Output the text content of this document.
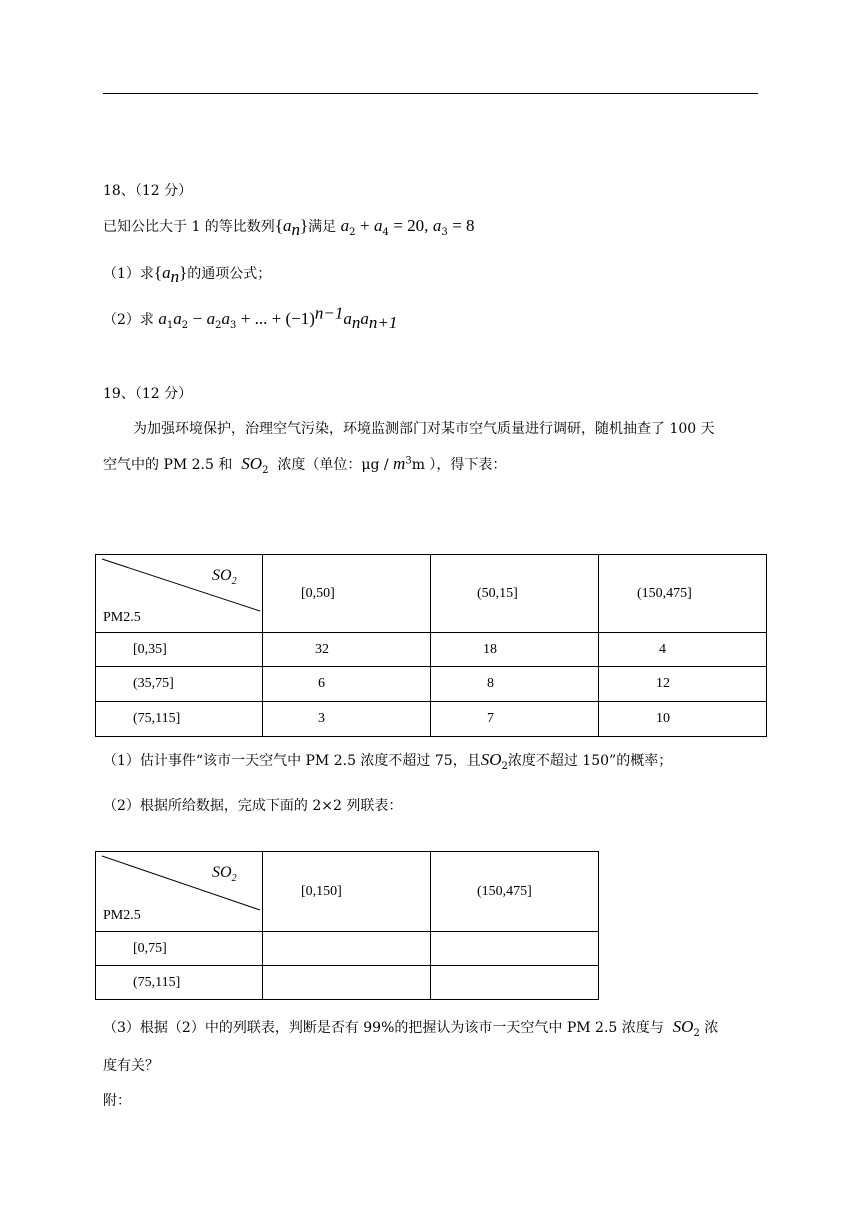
18、（12 分）
已知公比大于 1 的等比数列$\{a_n\}$满足 $a_2 + a_4 = 20$, $a_3 = 8$
（1）求$\{a_n\}$的通项公式；
（2）求 $a_1a_2 - a_2a_3$ + ... + $(-1)^{n-1}a_na_{n+1}$
19、（12 分）
为加强环境保护，治理空气污染，环境监测部门对某市空气质量进行调研，随机抽查了 100 天
空气中的 PM 2.5 和 $SO_2$ 浓度（单位：μg / $m^3m$ ），得下表：
$SO_2$
PM2.5	[0,50]	(50,15]	(150,475]
[0,35]	32	18	4
(35,75]	6	8	12
(75,115]	3	7	10
（1）估计事件“该市一天空气中 PM 2.5 浓度不超过 75，且$SO_2$浓度不超过 150”的概率；
（2）根据所给数据，完成下面的 2×2 列联表：
$SO_2$
PM2.5	[0,150]	(150,475]
[0,75]		
(75,115]		
（3）根据（2）中的列联表，判断是否有 99%的把握认为该市一天空气中 PM 2.5 浓度与 $SO_2$ 浓
度有关？
附：
